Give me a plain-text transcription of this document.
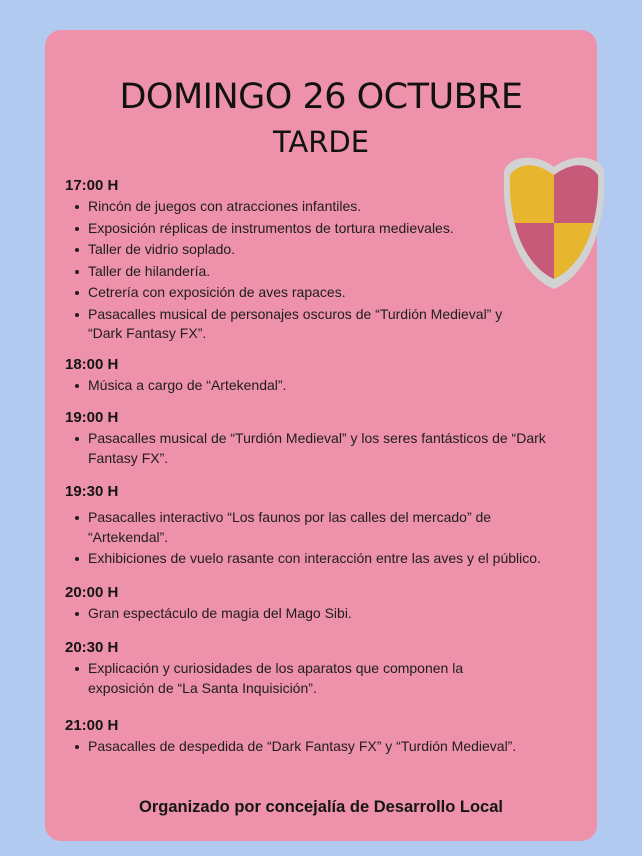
DOMINGO 26 OCTUBRE
TARDE
17:00 H
Rincón de juegos con atracciones infantiles.
Exposición réplicas de instrumentos de tortura medievales.
Taller de vidrio soplado.
Taller de hilandería.
Cetrería con exposición de aves rapaces.
Pasacalles musical de personajes oscuros de “Turdión Medieval” y “Dark Fantasy FX”.
18:00 H
Música a cargo de “Artekendal”.
19:00 H
Pasacalles musical de “Turdión Medieval” y los seres fantásticos de “Dark Fantasy FX”.
19:30 H
Pasacalles interactivo “Los faunos por las calles del mercado” de “Artekendal”.
Exhibiciones de vuelo rasante con interacción entre las aves y el público.
20:00 H
Gran espectáculo de magia del Mago Sibi.
20:30 H
Explicación y curiosidades de los aparatos que componen la exposición de “La Santa Inquisición”.
21:00 H
Pasacalles de despedida de “Dark Fantasy FX” y “Turdión Medieval”.
Organizado por concejalía de Desarrollo Local
